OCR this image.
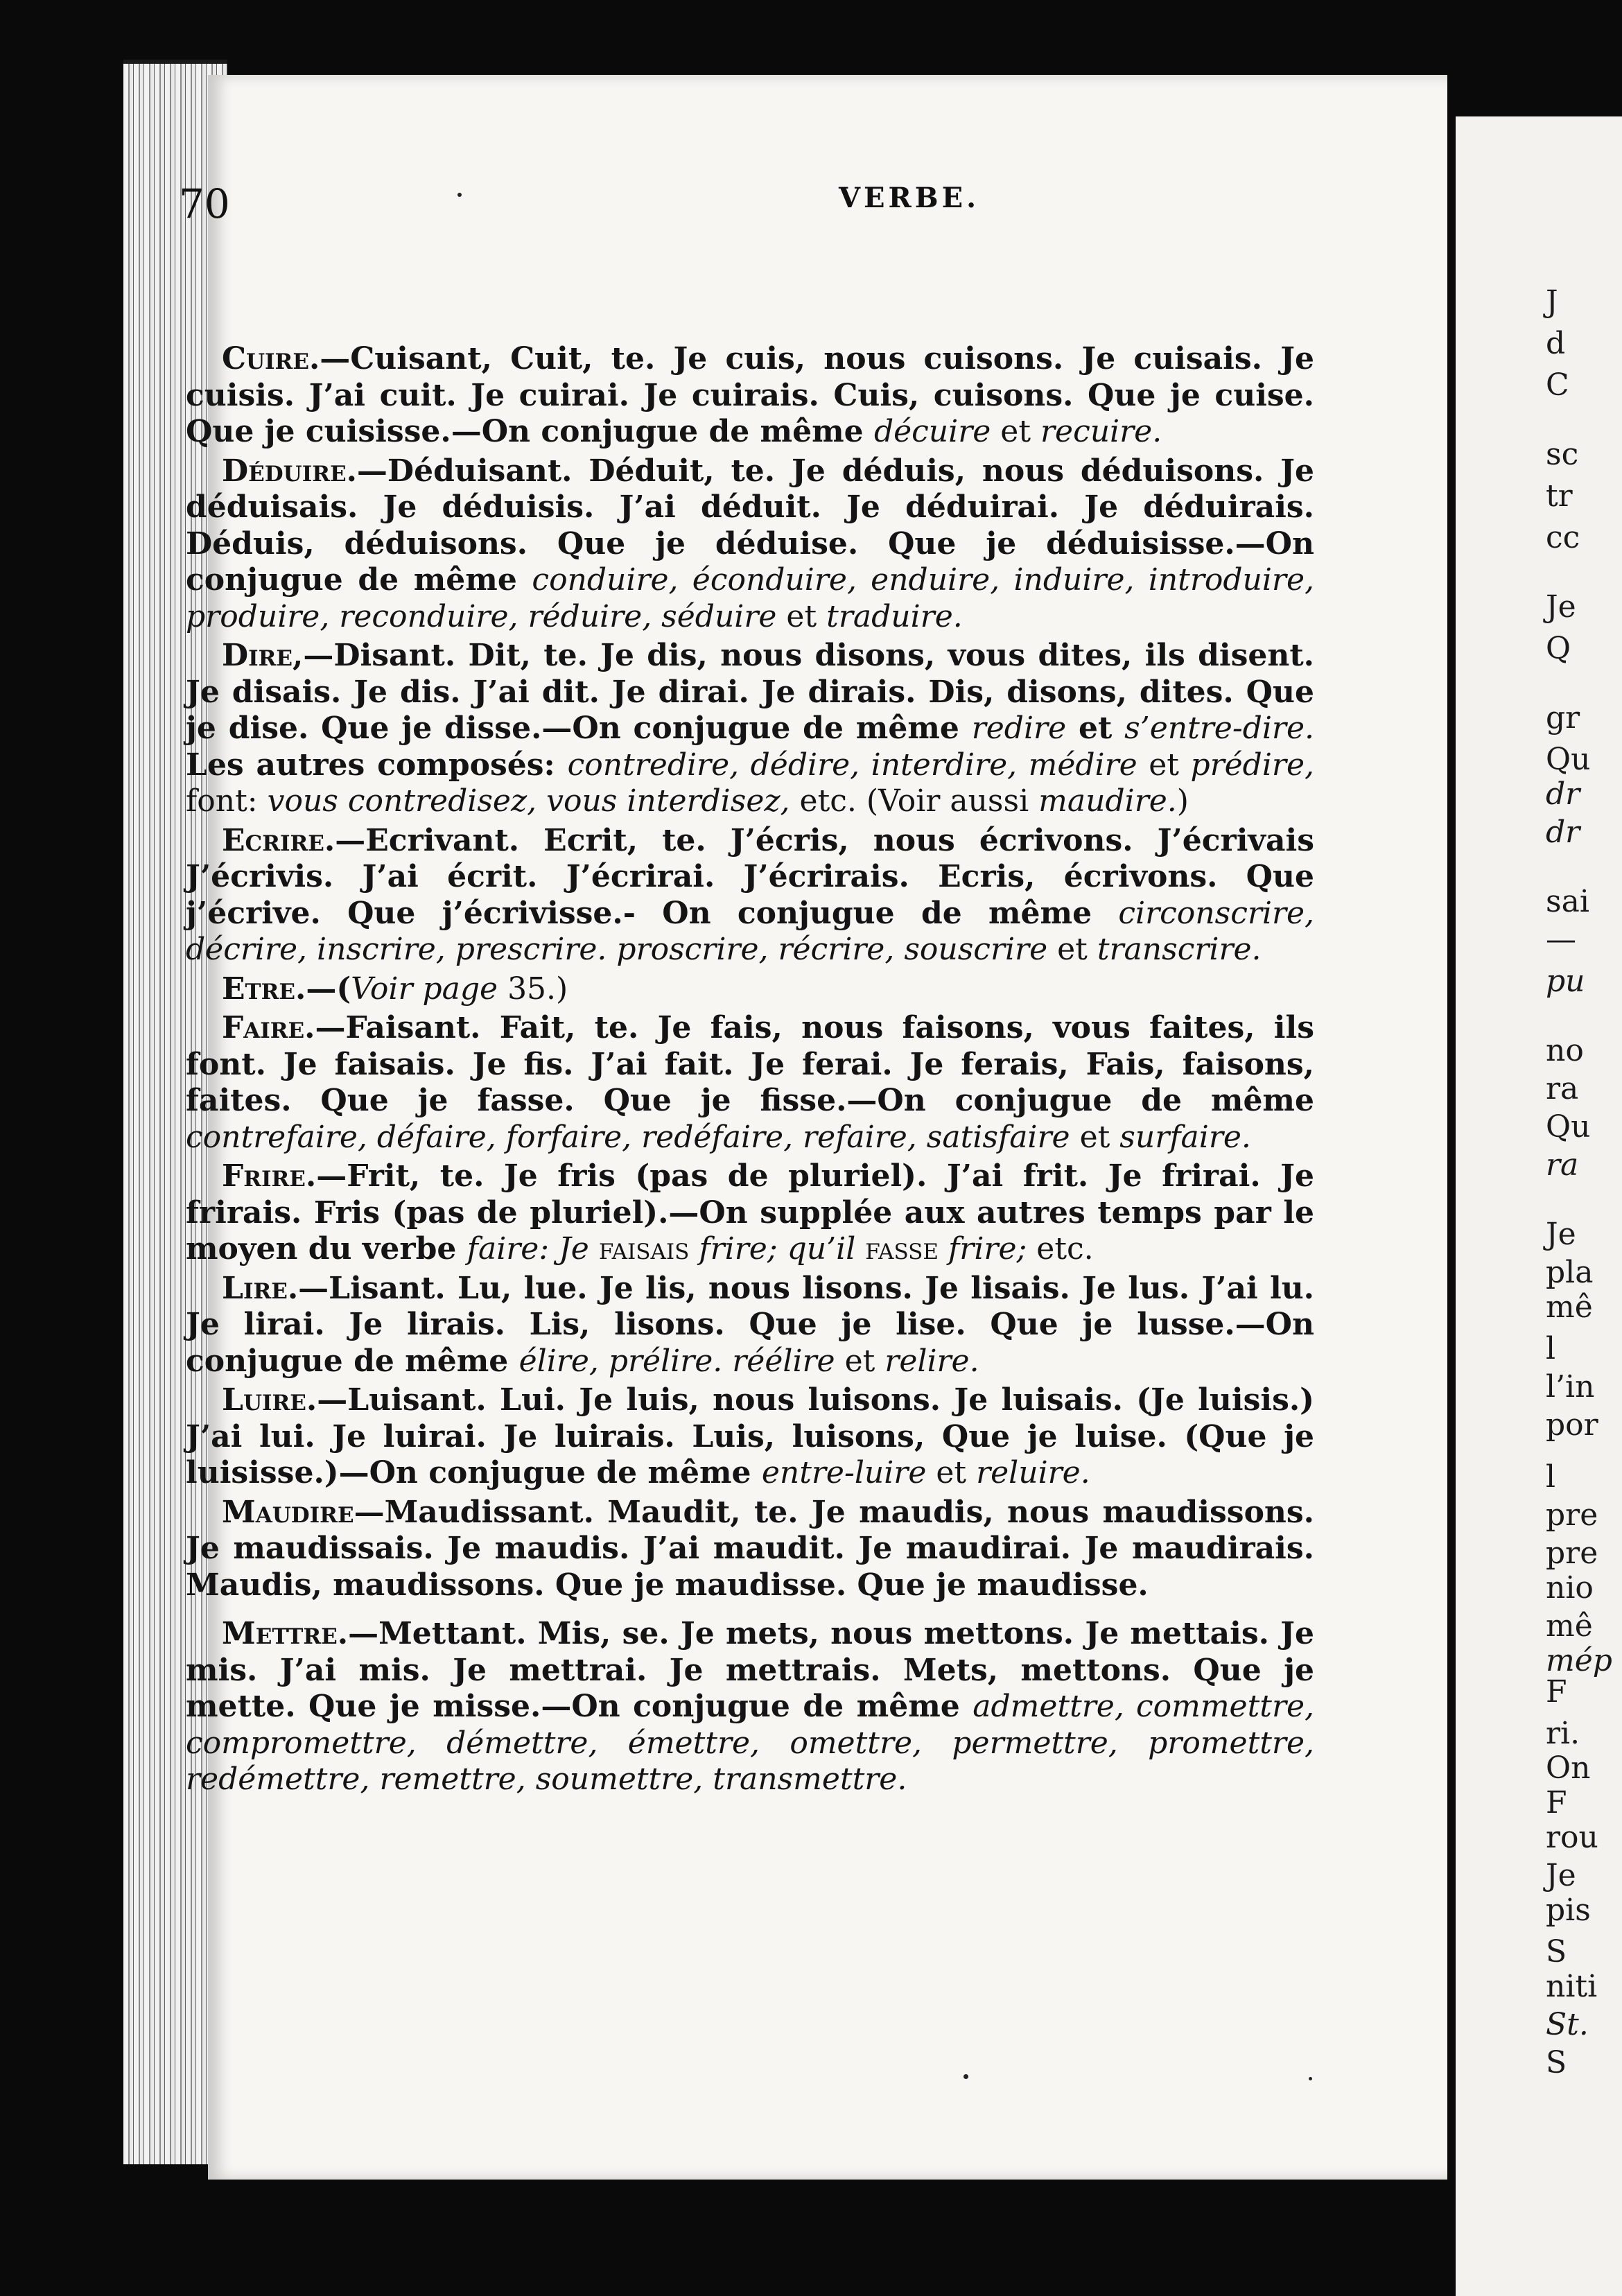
J
d
C
sc
tr
cc
Je
Q
gr
Qu
dr
dr
sai
—
pu
no
ra
Qu
ra
Je
pla
mê
l
l’in
por
l
pre
pre
nio
mê
mép
F
ri.
On
F
rou
Je
pis
S
niti
St.
S
70	VERBE.

Cuire.—Cuisant, Cuit, te. Je cuis, nous cuisons. Je cuisais. Je cuisis. J’ai cuit. Je cuirai. Je cuirais. Cuis, cuisons. Que je cuise. Que je cuisisse.—On conjugue de même décuire et recuire.

Déduire.—Déduisant. Déduit, te. Je déduis, nous déduisons. Je déduisais. Je déduisis. J’ai déduit. Je déduirai. Je déduirais. Déduis, déduisons. Que je déduise. Que je déduisisse.—On conjugue de même conduire, éconduire, enduire, induire, introduire, produire, reconduire, réduire, séduire et traduire.

Dire,—Disant. Dit, te. Je dis, nous disons, vous dites, ils disent. Je disais. Je dis. J’ai dit. Je dirai. Je dirais. Dis, disons, dites. Que je dise. Que je disse.—On conjugue de même redire et s’entre-dire. Les autres composés: contredire, dédire, interdire, médire et prédire, font: vous contredisez, vous interdisez, etc. (Voir aussi maudire.)

Ecrire.—Ecrivant. Ecrit, te. J’écris, nous écrivons. J’écrivais J’écrivis. J’ai écrit. J’écrirai. J’écrirais. Ecris, écrivons. Que j’écrive. Que j’écrivisse.- On conjugue de même circonscrire, décrire, inscrire, prescrire. proscrire, récrire, souscrire et transcrire.

Etre.—(Voir page 35.)

Faire.—Faisant. Fait, te. Je fais, nous faisons, vous faites, ils font. Je faisais. Je fis. J’ai fait. Je ferai. Je ferais, Fais, faisons, faites. Que je fasse. Que je fisse.—On conjugue de même contrefaire, défaire, forfaire, redéfaire, refaire, satisfaire et surfaire.

Frire.—Frit, te. Je fris (pas de pluriel). J’ai frit. Je frirai. Je frirais. Fris (pas de pluriel).—On supplée aux autres temps par le moyen du verbe faire: Je faisais frire; qu’il fasse frire; etc.

Lire.—Lisant. Lu, lue. Je lis, nous lisons. Je lisais. Je lus. J’ai lu. Je lirai. Je lirais. Lis, lisons. Que je lise. Que je lusse.—On conjugue de même élire, prélire. réélire et relire.

Luire.—Luisant. Lui. Je luis, nous luisons. Je luisais. (Je luisis.) J’ai lui. Je luirai. Je luirais. Luis, luisons, Que je luise. (Que je luisisse.)—On conjugue de même entre-luire et reluire.

Maudire—Maudissant. Maudit, te. Je maudis, nous maudissons. Je maudissais. Je maudis. J’ai maudit. Je maudirai. Je maudirais. Maudis, maudissons. Que je maudisse. Que je maudisse.

Mettre.—Mettant. Mis, se. Je mets, nous mettons. Je mettais. Je mis. J’ai mis. Je mettrai. Je mettrais. Mets, mettons. Que je mette. Que je misse.—On conjugue de même admettre, commettre, compromettre, démettre, émettre, omettre, permettre, promettre, redémettre, remettre, soumettre, transmettre.
